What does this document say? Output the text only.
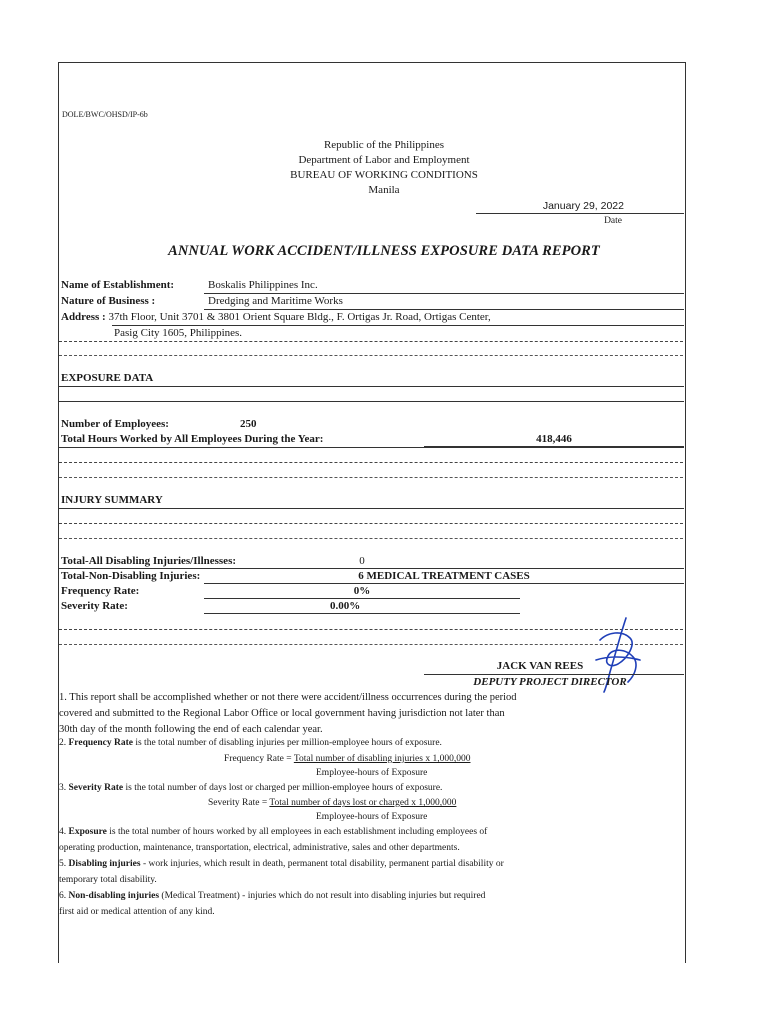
DOLE/BWC/OHSD/IP-6b
Republic of the Philippines
Department of Labor and Employment
BUREAU OF WORKING CONDITIONS
Manila
January 29, 2022
Date
ANNUAL WORK ACCIDENT/ILLNESS EXPOSURE DATA REPORT
Name of Establishment:	Boskalis Philippines Inc.
Nature of Business :	Dredging and Maritime Works
Address : 37th Floor, Unit 3701 & 3801 Orient Square Bldg., F. Ortigas Jr. Road, Ortigas Center,
Pasig City 1605, Philippines.
EXPOSURE DATA
Number of Employees:	250
Total Hours Worked by All Employees During the Year:	418,446
INJURY SUMMARY
Total-All Disabling Injuries/Illnesses:	0
Total-Non-Disabling Injuries:	6 MEDICAL TREATMENT CASES
Frequency Rate:	0%
Severity Rate:	0.00%
JACK VAN REES
DEPUTY PROJECT DIRECTOR
1. This report shall be accomplished whether or not there were accident/illness occurrences during the period
covered and submitted to the Regional Labor Office or local government having jurisdiction not later than
30th day of the month following the end of each calendar year.
2. Frequency Rate is the total number of disabling injuries per million-employee hours of exposure.
Frequency Rate = Total number of disabling injuries x 1,000,000
Employee-hours of Exposure
3. Severity Rate is the total number of days lost or charged per million-employee hours of exposure.
Severity Rate = Total number of days lost or charged x 1,000,000
Employee-hours of Exposure
4. Exposure is the total number of hours worked by all employees in each establishment including employees of
operating production, maintenance, transportation, electrical, administrative, sales and other departments.
5. Disabling injuries - work injuries, which result in death, permanent total disability, permanent partial disability or
temporary total disability.
6. Non-disabling injuries (Medical Treatment) - injuries which do not result into disabling injuries but required
first aid or medical attention of any kind.
